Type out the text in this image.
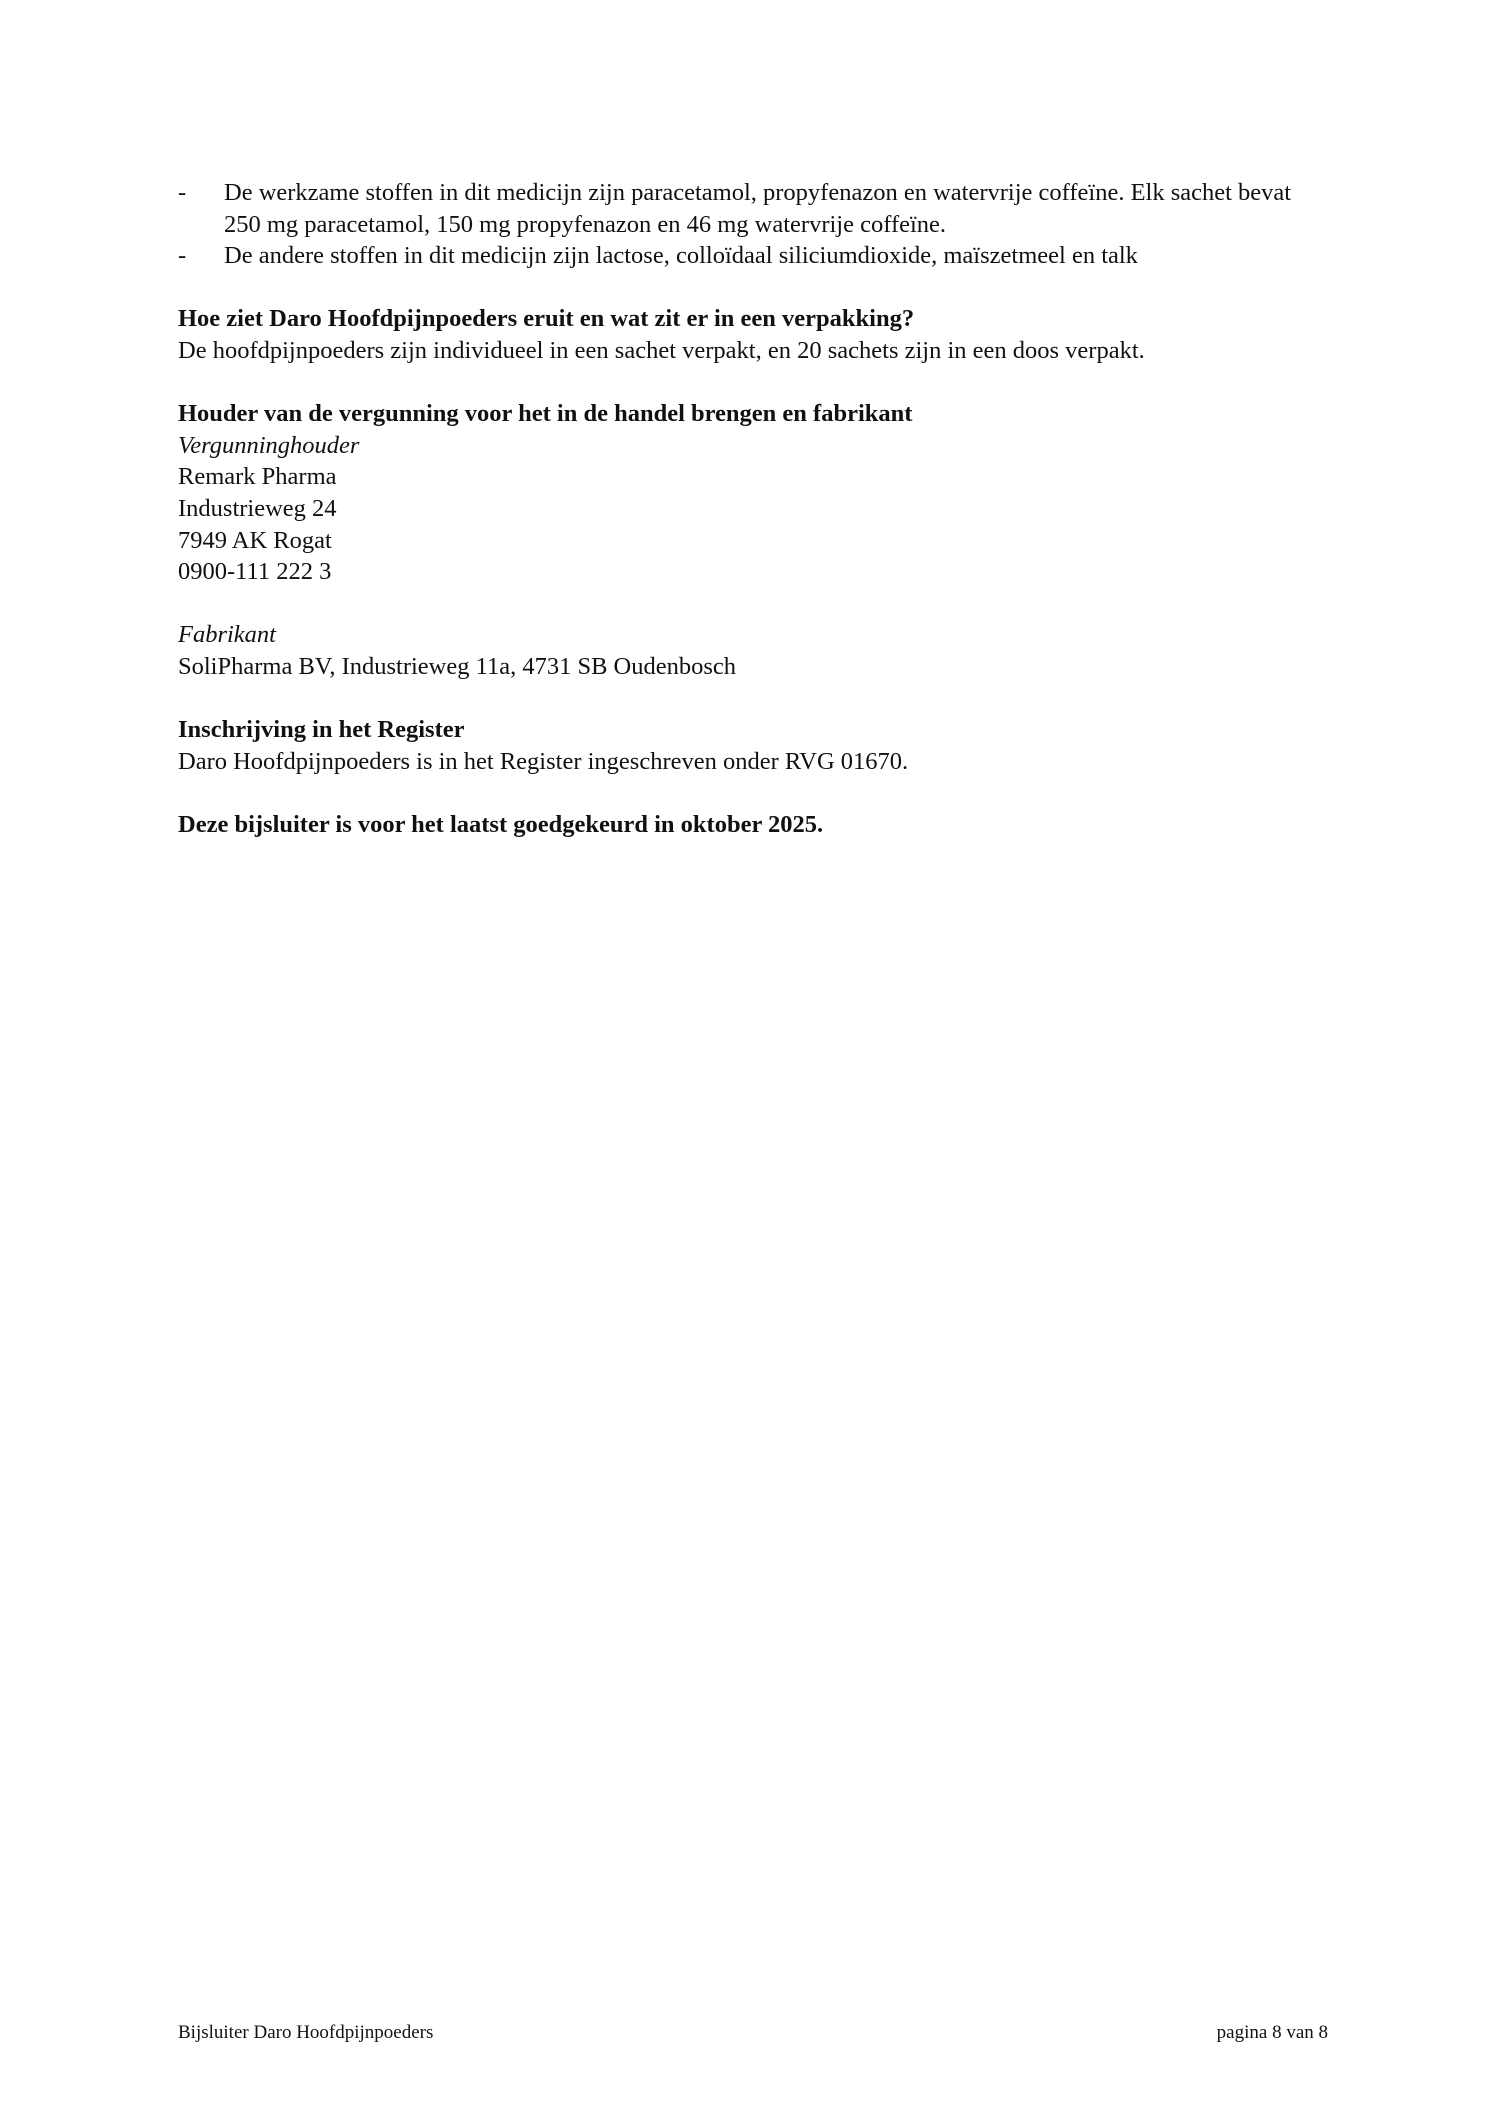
- De werkzame stoffen in dit medicijn zijn paracetamol, propyfenazon en watervrije coffeïne. Elk sachet bevat 250 mg paracetamol, 150 mg propyfenazon en 46 mg watervrije coffeïne.
- De andere stoffen in dit medicijn zijn lactose, colloïdaal siliciumdioxide, maïszetmeel en talk

Hoe ziet Daro Hoofdpijnpoeders eruit en wat zit er in een verpakking?

De hoofdpijnpoeders zijn individueel in een sachet verpakt, en 20 sachets zijn in een doos verpakt.

Houder van de vergunning voor het in de handel brengen en fabrikant

Vergunninghouder

Remark Pharma

Industrieweg 24

7949 AK Rogat

0900-111 222 3

Fabrikant

SoliPharma BV, Industrieweg 11a, 4731 SB Oudenbosch

Inschrijving in het Register

Daro Hoofdpijnpoeders is in het Register ingeschreven onder RVG 01670.

Deze bijsluiter is voor het laatst goedgekeurd in oktober 2025.

Bijsluiter Daro Hoofdpijnpoeders	pagina 8 van 8
